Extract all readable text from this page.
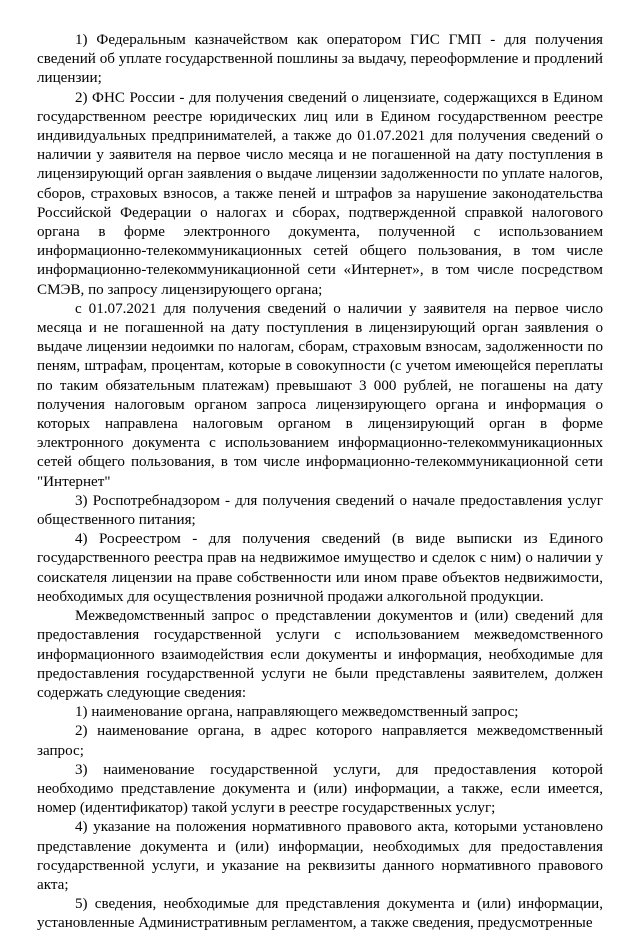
1) Федеральным казначейством как оператором ГИС ГМП - для получения сведений об уплате государственной пошлины за выдачу, переоформление и продлений лицензии;

2) ФНС России - для получения сведений о лицензиате, содержащихся в Едином государственном реестре юридических лиц или в Едином государственном реестре индивидуальных предпринимателей, а также до 01.07.2021 для получения сведений о наличии у заявителя на первое число месяца и не погашенной на дату поступления в лицензирующий орган заявления о выдаче лицензии задолженности по уплате налогов, сборов, страховых взносов, а также пеней и штрафов за нарушение законодательства Российской Федерации о налогах и сборах, подтвержденной справкой налогового органа в форме электронного документа, полученной с использованием информационно-телекоммуникационных сетей общего пользования, в том числе информационно-телекоммуникационной сети «Интернет», в том числе посредством СМЭВ, по запросу лицензирующего органа;

с 01.07.2021 для получения сведений о наличии у заявителя на первое число месяца и не погашенной на дату поступления в лицензирующий орган заявления о выдаче лицензии недоимки по налогам, сборам, страховым взносам, задолженности по пеням, штрафам, процентам, которые в совокупности (с учетом имеющейся переплаты по таким обязательным платежам) превышают 3 000 рублей, не погашены на дату получения налоговым органом запроса лицензирующего органа и информация о которых направлена налоговым органом в лицензирующий орган в форме электронного документа с использованием информационно-телекоммуникационных сетей общего пользования, в том числе информационно-телекоммуникационной сети "Интернет"

3) Роспотребнадзором - для получения сведений о начале предоставления услуг общественного питания;

4) Росреестром - для получения сведений (в виде выписки из Единого государственного реестра прав на недвижимое имущество и сделок с ним) о наличии у соискателя лицензии на праве собственности или ином праве объектов недвижимости, необходимых для осуществления розничной продажи алкогольной продукции.

Межведомственный запрос о представлении документов и (или) сведений для предоставления государственной услуги с использованием межведомственного информационного взаимодействия если документы и информация, необходимые для предоставления государственной услуги не были представлены заявителем, должен содержать следующие сведения:

1) наименование органа, направляющего межведомственный запрос;

2) наименование органа, в адрес которого направляется межведомственный запрос;

3) наименование государственной услуги, для предоставления которой необходимо представление документа и (или) информации, а также, если имеется, номер (идентификатор) такой услуги в реестре государственных услуг;

4) указание на положения нормативного правового акта, которыми установлено представление документа и (или) информации, необходимых для предоставления государственной услуги, и указание на реквизиты данного нормативного правового акта;

5) сведения, необходимые для представления документа и (или) информации, установленные Административным регламентом, а также сведения, предусмотренные
